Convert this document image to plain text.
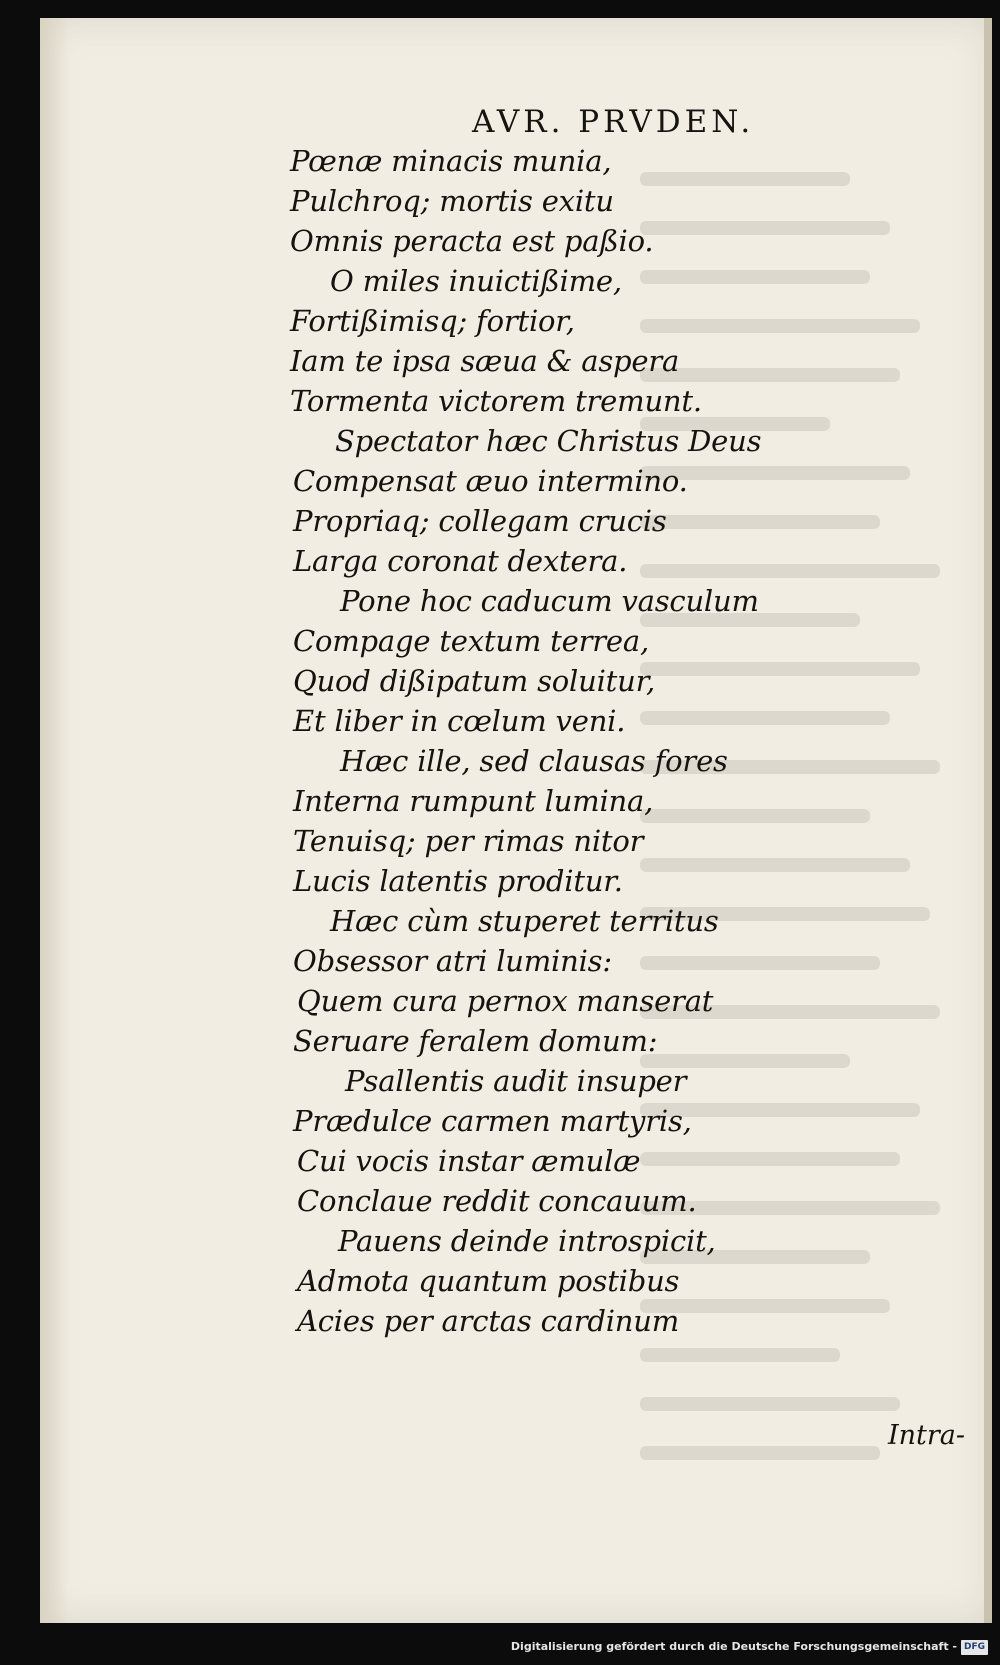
AVR. PRVDEN.
Pœnæ minacis munia,
Pulchroq; mortis exitu
Omnis peracta est paßio.
O miles inuictißime,
Fortißimisq; fortior,
Iam te ipsa sæua & aspera
Tormenta victorem tremunt.
Spectator hæc Christus Deus
Compensat æuo intermino.
Propriaq; collegam crucis
Larga coronat dextera.
Pone hoc caducum vasculum
Compage textum terrea,
Quod dißipatum soluitur,
Et liber in cœlum veni.
Hæc ille, sed clausas fores
Interna rumpunt lumina,
Tenuisq; per rimas nitor
Lucis latentis proditur.
Hæc cùm stuperet territus
Obsessor atri luminis:
Quem cura pernox manserat
Seruare feralem domum:
Psallentis audit insuper
Prædulce carmen martyris,
Cui vocis instar æmulæ
Conclaue reddit concauum.
Pauens deinde introspicit,
Admota quantum postibus
Acies per arctas cardinum
Intra-
Digitalisierung gefördert durch die Deutsche Forschungsgemeinschaft - DFG
